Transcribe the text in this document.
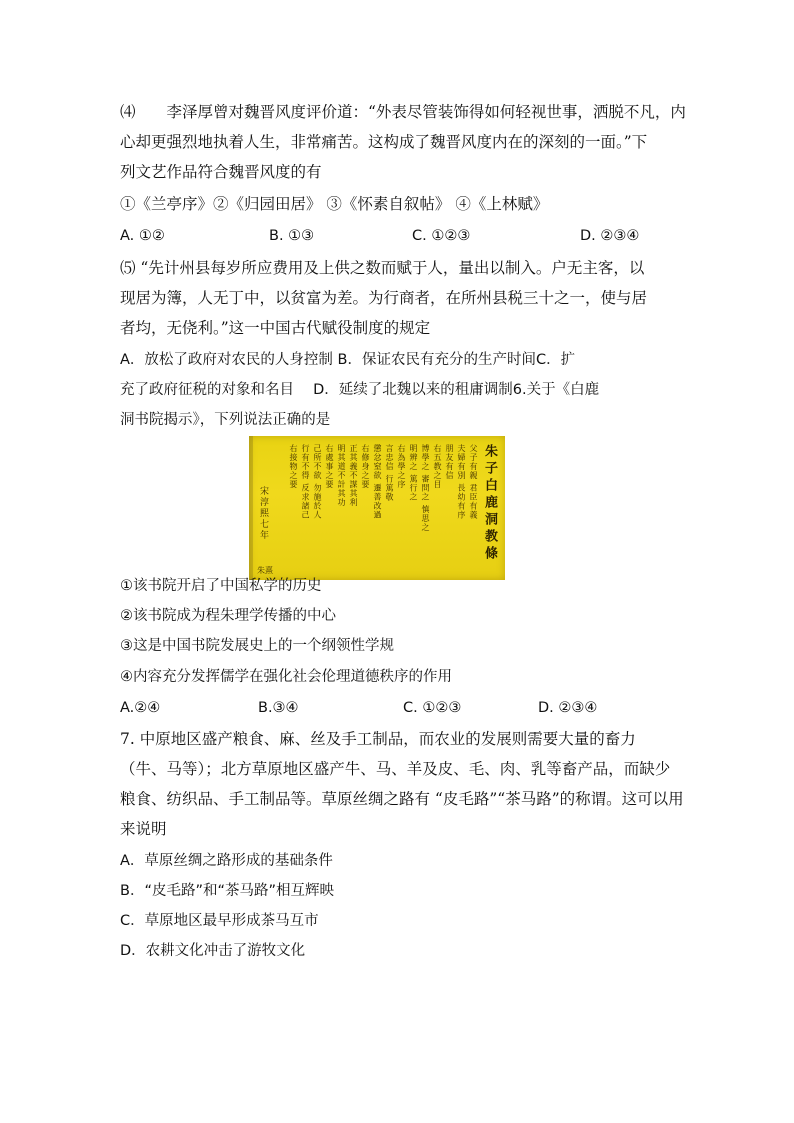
⑷　　李泽厚曾对魏晋风度评价道：“外表尽管装饰得如何轻视世事，洒脱不凡，内
心却更强烈地执着人生，非常痛苦。这构成了魏晋风度内在的深刻的一面。”下
列文艺作品符合魏晋风度的有
①《兰亭序》②《归园田居》 ③《怀素自叙帖》 ④《上林赋》
A. ①②	B. ①③	C. ①②③	D. ②③④
⑸ “先计州县每岁所应费用及上供之数而赋于人，量出以制入。户无主客，以
现居为簿，人无丁中，以贫富为差。为行商者，在所州县税三十之一，使与居
者均，无侥利。”这一中国古代赋役制度的规定
A．放松了政府对农民的人身控制 B．保证农民有充分的生产时间C．扩
充了政府征税的对象和名目　 D．延续了北魏以来的租庸调制6.关于《白鹿
洞书院揭示》，下列说法正确的是
朱子白鹿洞教條
父子有親 君臣有義
夫婦有別 長幼有序
朋友有信
右五教之目
博學之 審問之 慎思之
明辨之 篤行之
右為學之序
言忠信 行篤敬
懲忿窒欲 遷善改過
右修身之要
正其義不謀其利
明其道不計其功
右處事之要
己所不欲 勿施於人
行有不得 反求諸己
右接物之要
宋淳熙七年
朱熹
①该书院开启了中国私学的历史
②该书院成为程朱理学传播的中心
③这是中国书院发展史上的一个纲领性学规
④内容充分发挥儒学在强化社会伦理道德秩序的作用
A.②④	B.③④	C. ①②③	D. ②③④
7. 中原地区盛产粮食、麻、丝及手工制品，而农业的发展则需要大量的畜力
（牛、马等）；北方草原地区盛产牛、马、羊及皮、毛、肉、乳等畜产品，而缺少
粮食、纺织品、手工制品等。草原丝绸之路有 “皮毛路”“茶马路”的称谓。这可以用
来说明
A．草原丝绸之路形成的基础条件
B．“皮毛路”和“茶马路”相互辉映
C．草原地区最早形成茶马互市
D．农耕文化冲击了游牧文化
